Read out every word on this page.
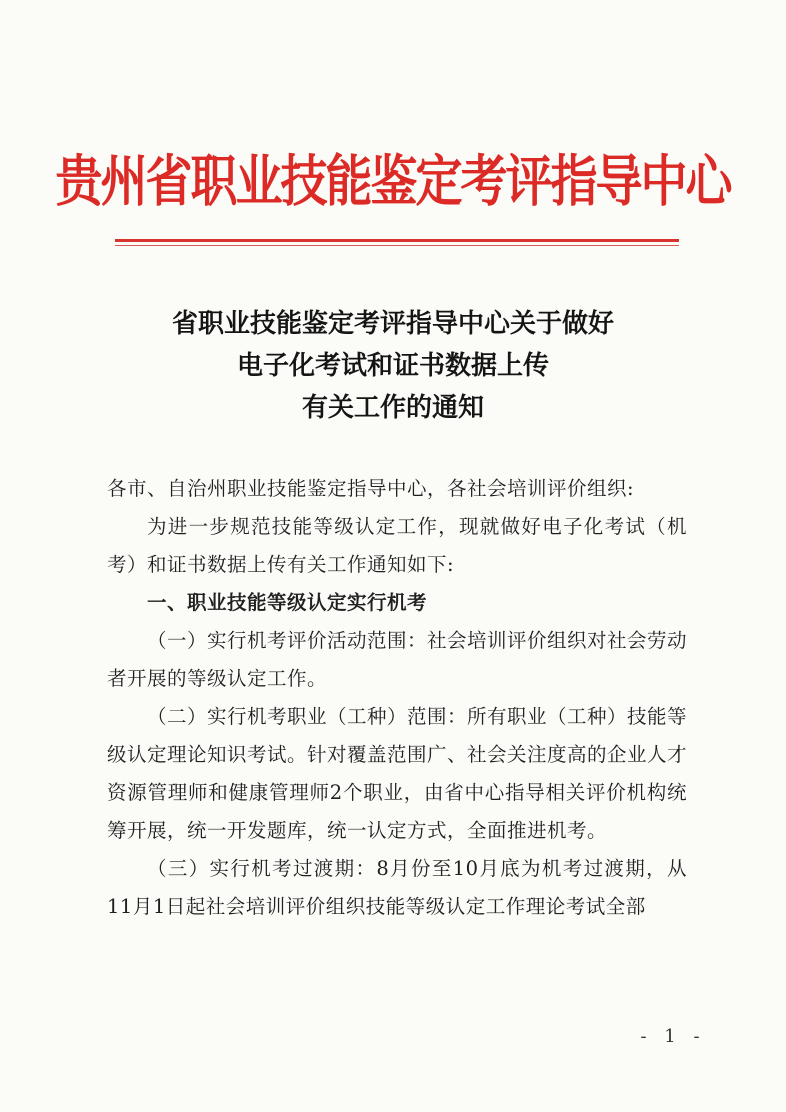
贵州省职业技能鉴定考评指导中心
省职业技能鉴定考评指导中心关于做好
电子化考试和证书数据上传
有关工作的通知

各市、自治州职业技能鉴定指导中心，各社会培训评价组织:

为进一步规范技能等级认定工作，现就做好电子化考试（机考）和证书数据上传有关工作通知如下:

一、职业技能等级认定实行机考

（一）实行机考评价活动范围：社会培训评价组织对社会劳动者开展的等级认定工作。

（二）实行机考职业（工种）范围：所有职业（工种）技能等级认定理论知识考试。针对覆盖范围广、社会关注度高的企业人才资源管理师和健康管理师2个职业，由省中心指导相关评价机构统筹开展，统一开发题库，统一认定方式，全面推进机考。

（三）实行机考过渡期：8月份至10月底为机考过渡期，从11月1日起社会培训评价组织技能等级认定工作理论考试全部

- 1 -
